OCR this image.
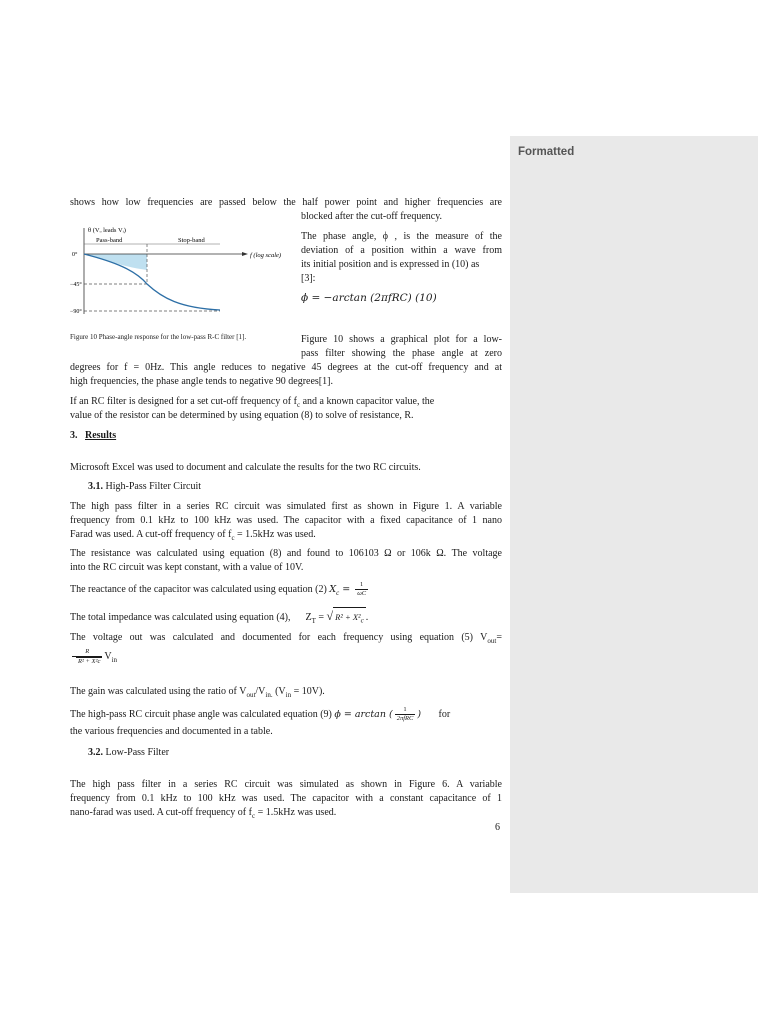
shows how low frequencies are passed below the half power point and higher frequencies are

blocked after the cut-off frequency.

θ (Vₒ leads Vᵢ)
Pass-band	Stop-band
f (log scale)
0°
−45°
−90°
Figure 10 Phase-angle response for the low-pass R-C filter [1].

The phase angle, ϕ , is the measure of the

deviation of a position within a wave from

its initial position and is expressed in (10) as

[3]:

ϕ = −arctan (2πfRC) (10)

Figure 10 shows a graphical plot for a low-

pass filter showing the phase angle at zero

degrees for f = 0Hz. This angle reduces to negative 45 degrees at the cut-off frequency and at

high frequencies, the phase angle tends to negative 90 degrees[1].

If an RC filter is designed for a set cut-off frequency of $f_c$ and a known capacitor value, the

value of the resistor can be determined by using equation (8) to solve of resistance, R.

3. Results

Microsoft Excel was used to document and calculate the results for the two RC circuits.

3.1. High-Pass Filter Circuit

The high pass filter in a series RC circuit was simulated first as shown in Figure 1. A variable

frequency from 0.1 kHz to 100 kHz was used. The capacitor with a fixed capacitance of 1 nano

Farad was used. A cut-off frequency of $f_c = 1.5kHz$ was used.

The resistance was calculated using equation (8) and found to 106103 Ω or 106k Ω. The voltage

into the RC circuit was kept constant, with a value of 10V.

The reactance of the capacitor was calculated using equation (2) $X_c = \frac{1}{\omega C}$

The total impedance was calculated using equation (4), $Z_T$ = √ $R^2 + X^2_c$ .

The voltage out was calculated and documented for each frequency using equation (5) $V_{out}=$

$\frac{R}{\text{R² + X²c}} V_{in}$

The gain was calculated using the ratio of $V_{out}/V_{in.}$ $(V_{in} = 10V)$.

The high-pass RC circuit phase angle was calculated equation (9) ϕ = arctan ( $\frac{1}{\text{2πfRC}}$ ) for

the various frequencies and documented in a table.

3.2. Low-Pass Filter

The high pass filter in a series RC circuit was simulated as shown in Figure 6. A variable

frequency from 0.1 kHz to 100 kHz was used. The capacitor with a constant capacitance of 1

nano-farad was used. A cut-off frequency of $f_c = 1.5kHz$ was used.

6
Formatted
